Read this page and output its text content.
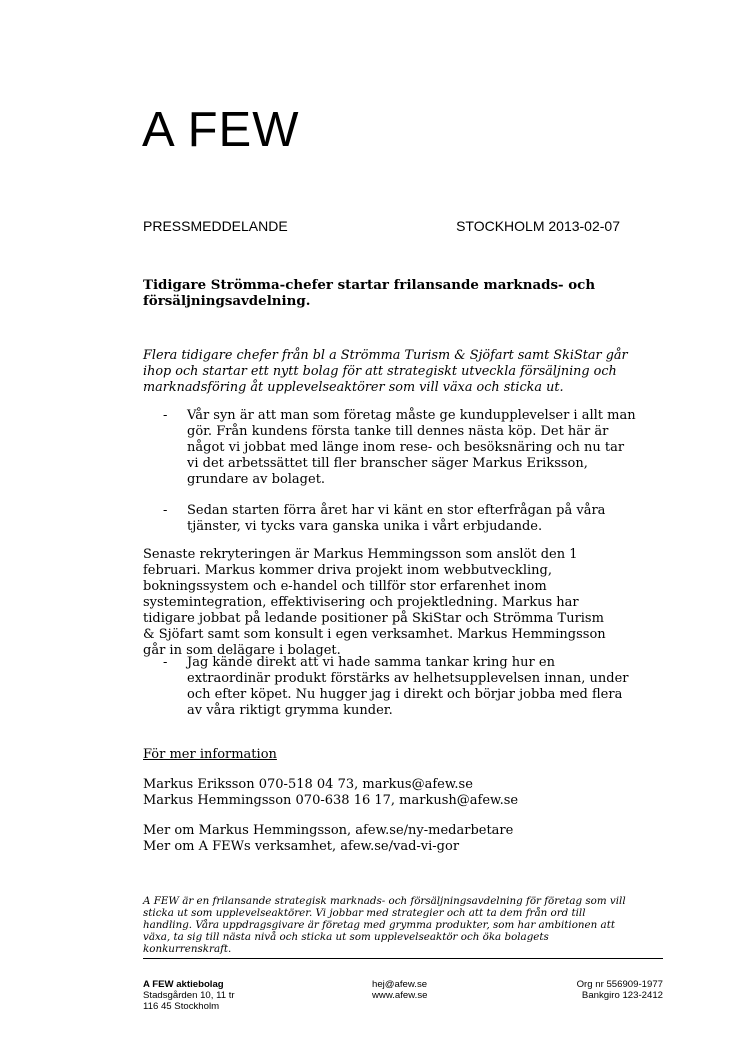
A FEW
PRESSMEDDELANDE	STOCKHOLM 2013-02-07
Tidigare Strömma-chefer startar frilansande marknads- och försäljningsavdelning.
Flera tidigare chefer från bl a Strömma Turism & Sjöfart samt SkiStar går ihop och startar ett nytt bolag för att strategiskt utveckla försäljning och marknadsföring åt upplevelseaktörer som vill växa och sticka ut.
- Vår syn är att man som företag måste ge kundupplevelser i allt man gör. Från kundens första tanke till dennes nästa köp. Det här är något vi jobbat med länge inom rese- och besöksnäring och nu tar vi det arbetssättet till fler branscher säger Markus Eriksson, grundare av bolaget.
- Sedan starten förra året har vi känt en stor efterfrågan på våra tjänster, vi tycks vara ganska unika i vårt erbjudande.
Senaste rekryteringen är Markus Hemmingsson som anslöt den 1 februari. Markus kommer driva projekt inom webbutveckling, bokningssystem och e-handel och tillför stor erfarenhet inom systemintegration, effektivisering och projektledning. Markus har tidigare jobbat på ledande positioner på SkiStar och Strömma Turism & Sjöfart samt som konsult i egen verksamhet. Markus Hemmingsson går in som delägare i bolaget.
- Jag kände direkt att vi hade samma tankar kring hur en extraordinär produkt förstärks av helhetsupplevelsen innan, under och efter köpet. Nu hugger jag i direkt och börjar jobba med flera av våra riktigt grymma kunder.
För mer information
Markus Eriksson 070-518 04 73, markus@afew.se
Markus Hemmingsson 070-638 16 17, markush@afew.se
Mer om Markus Hemmingsson, afew.se/ny-medarbetare
Mer om A FEWs verksamhet, afew.se/vad-vi-gor
A FEW är en frilansande strategisk marknads- och försäljningsavdelning för företag som vill sticka ut som upplevelseaktörer. Vi jobbar med strategier och att ta dem från ord till handling. Våra uppdragsgivare är företag med grymma produkter, som har ambitionen att växa, ta sig till nästa nivå och sticka ut som upplevelseaktör och öka bolagets konkurrenskraft.
A FEW aktiebolag
Stadsgården 10, 11 tr
116 45 Stockholm
hej@afew.se
www.afew.se
Org nr 556909-1977
Bankgiro 123-2412
